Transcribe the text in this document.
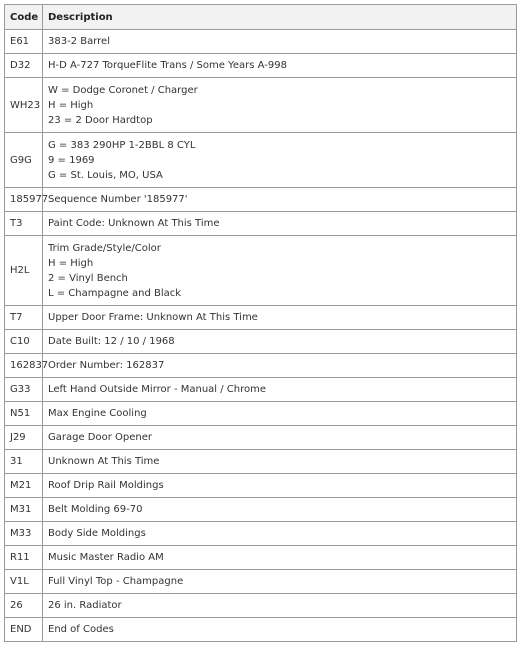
Code	Description
E61	383-2 Barrel

D32	H-D A-727 TorqueFlite Trans / Some Years A-998

WH23	W = Dodge Coronet / Charger
H = High
23 = 2 Door Hardtop

G9G	G = 383 290HP 1-2BBL 8 CYL
9 = 1969
G = St. Louis, MO, USA

185977	Sequence Number '185977'

T3	Paint Code: Unknown At This Time

H2L	Trim Grade/Style/Color
H = High
2 = Vinyl Bench
L = Champagne and Black

T7	Upper Door Frame: Unknown At This Time

C10	Date Built: 12 / 10 / 1968

162837	Order Number: 162837

G33	Left Hand Outside Mirror - Manual / Chrome

N51	Max Engine Cooling

J29	Garage Door Opener

31	Unknown At This Time

M21	Roof Drip Rail Moldings

M31	Belt Molding 69-70

M33	Body Side Moldings

R11	Music Master Radio AM

V1L	Full Vinyl Top - Champagne

26	26 in. Radiator

END	End of Codes
